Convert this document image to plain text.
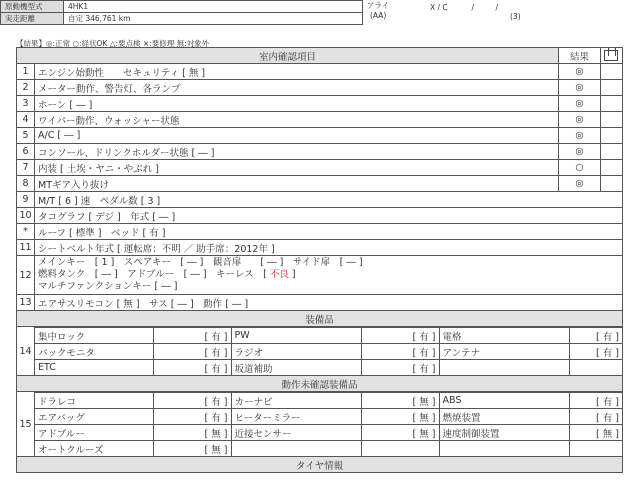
原動機型式	4HK1
実走距離	自定 346,761 km
アライ
(AA)
X / C          /         /
(3)
【結果】◎:正常 ○:経状OK △:要点検 ×:要修理 無:対象外
室内確認項目	結果	
1	エンジン始動性　　セキュリティ [ 無 ]	◎	
2	メーター動作、警告灯、各ランプ	◎	
3	ホーン [ ― ]	◎	
4	ワイパー動作、ウォッシャー状態	◎	
5	A/C [ ― ]	◎	
6	コンソール、ドリンクホルダー状態 [ ― ]	◎	
7	内装 [ 土埃・ヤニ・やぶれ ]	○	
8	MTギア入り抜け	◎	
9	M/T [ 6 ] 速　ペダル数 [ 3 ]
10	タコグラフ [ デジ ]　年式 [ ― ]
*	ルーフ [ 標準 ]　ベッド [ 有 ]
11	シートベルト年式 [ 運転席：不明 ／ 助手席：2012年 ]
12	
メインキー　[ 1 ]　スペアキー　[ ― ]　観音扉　　[ ― ]　サイド扉　[ ― ]
燃料タンク　[ ― ]　アドブルー　[ ― ]　キーレス　[ 不良 ]
マルチファンクションキー [ ― ]

13	エアサスリモコン [ 無 ]　サス [ ― ]　動作 [ ― ]
装備品
14	
集中ロック	[ 有 ]	PW	[ 有 ]	電格	[ 有 ]
バックモニタ	[ 有 ]	ラジオ	[ 有 ]	アンテナ	[ 有 ]
ETC	[ 有 ]	坂道補助	[ 有 ]		

動作未確認装備品
15	
ドラレコ	[ 有 ]	カーナビ	[ 無 ]	ABS	[ 有 ]
エアバッグ	[ 有 ]	ヒーターミラー	[ 無 ]	燃焼装置	[ 有 ]
アドブルー	[ 無 ]	近接センサー	[ 無 ]	速度制御装置	[ 無 ]
オートクルーズ	[ 無 ]				

タイヤ情報
